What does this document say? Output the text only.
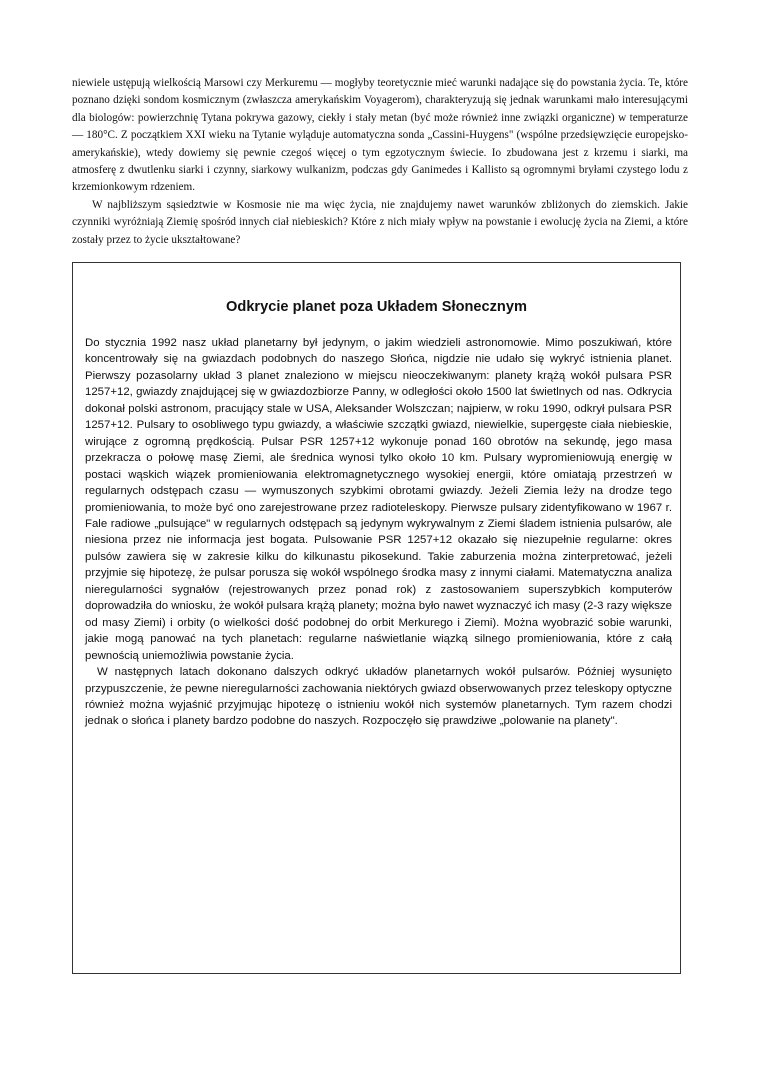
niewiele ustępują wielkością Marsowi czy Merkuremu — mogłyby teoretycznie mieć warunki nadające się do powstania życia. Te, które poznano dzięki sondom kosmicznym (zwłaszcza amerykańskim Voyagerom), charakteryzują się jednak warunkami mało interesującymi dla biologów: powierzchnię Tytana pokrywa gazowy, ciekły i stały metan (być może również inne związki organiczne) w temperaturze — 180°C. Z początkiem XXI wieku na Tytanie wyląduje automatyczna sonda „Cassini-Huygens" (wspólne przedsięwzięcie europejsko-amerykańskie), wtedy dowiemy się pewnie czegoś więcej o tym egzotycznym świecie. Io zbudowana jest z krzemu i siarki, ma atmosferę z dwutlenku siarki i czynny, siarkowy wulkanizm, podczas gdy Ganimedes i Kallisto są ogromnymi bryłami czystego lodu z krzemionkowym rdzeniem.

W najbliższym sąsiedztwie w Kosmosie nie ma więc życia, nie znajdujemy nawet warunków zbliżonych do ziemskich. Jakie czynniki wyróżniają Ziemię spośród innych ciał niebieskich? Które z nich miały wpływ na powstanie i ewolucję życia na Ziemi, a które zostały przez to życie ukształtowane?

Odkrycie planet poza Układem Słonecznym

Do stycznia 1992 nasz układ planetarny był jedynym, o jakim wiedzieli astronomowie. Mimo poszukiwań, które koncentrowały się na gwiazdach podobnych do naszego Słońca, nigdzie nie udało się wykryć istnienia planet. Pierwszy pozasolarny układ 3 planet znaleziono w miejscu nieoczekiwanym: planety krążą wokół pulsara PSR 1257+12, gwiazdy znajdującej się w gwiazdozbiorze Panny, w odległości około 1500 lat świetlnych od nas. Odkrycia dokonał polski astronom, pracujący stale w USA, Aleksander Wolszczan; najpierw, w roku 1990, odkrył pulsara PSR 1257+12. Pulsary to osobliwego typu gwiazdy, a właściwie szczątki gwiazd, niewielkie, supergęste ciała niebieskie, wirujące z ogromną prędkością. Pulsar PSR 1257+12 wykonuje ponad 160 obrotów na sekundę, jego masa przekracza o połowę masę Ziemi, ale średnica wynosi tylko około 10 km. Pulsary wypromieniowują energię w postaci wąskich wiązek promieniowania elektromagnetycznego wysokiej energii, które omiatają przestrzeń w regularnych odstępach czasu — wymuszonych szybkimi obrotami gwiazdy. Jeżeli Ziemia leży na drodze tego promieniowania, to może być ono zarejestrowane przez radioteleskopy. Pierwsze pulsary zidentyfikowano w 1967 r. Fale radiowe „pulsujące" w regularnych odstępach są jedynym wykrywalnym z Ziemi śladem istnienia pulsarów, ale niesiona przez nie informacja jest bogata. Pulsowanie PSR 1257+12 okazało się niezupełnie regularne: okres pulsów zawiera się w zakresie kilku do kilkunastu pikosekund. Takie zaburzenia można zinterpretować, jeżeli przyjmie się hipotezę, że pulsar porusza się wokół wspólnego środka masy z innymi ciałami. Matematyczna analiza nieregularności sygnałów (rejestrowanych przez ponad rok) z zastosowaniem superszybkich komputerów doprowadziła do wniosku, że wokół pulsara krążą planety; można było nawet wyznaczyć ich masy (2-3 razy większe od masy Ziemi) i orbity (o wielkości dość podobnej do orbit Merkurego i Ziemi). Można wyobrazić sobie warunki, jakie mogą panować na tych planetach: regularne naświetlanie wiązką silnego promieniowania, które z całą pewnością uniemożliwia powstanie życia.

W następnych latach dokonano dalszych odkryć układów planetarnych wokół pulsarów. Później wysunięto przypuszczenie, że pewne nieregularności zachowania niektórych gwiazd obserwowanych przez teleskopy optyczne również można wyjaśnić przyjmując hipotezę o istnieniu wokół nich systemów planetarnych. Tym razem chodzi jednak o słońca i planety bardzo podobne do naszych. Rozpoczęło się prawdziwe „polowanie na planety".
